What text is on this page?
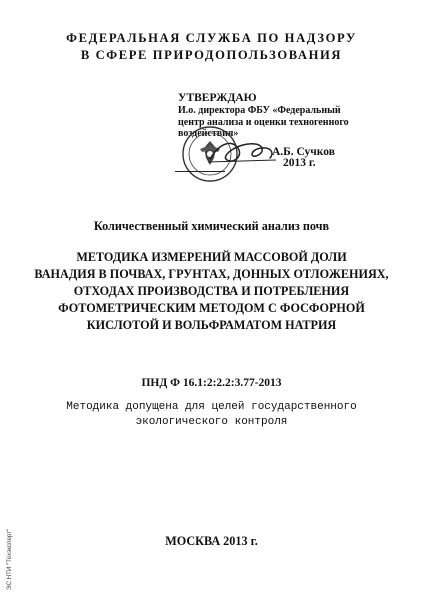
ФЕДЕРАЛЬНАЯ СЛУЖБА ПО НАДЗОРУ
В СФЕРЕ ПРИРОДОПОЛЬЗОВАНИЯ
УТВЕРЖДАЮ
И.о. директора ФБУ «Федеральный
центр анализа и оценки техногенного
воздействия»
А.Б. Сучков
2013 г.
Количественный химический анализ почв
МЕТОДИКА ИЗМЕРЕНИЙ МАССОВОЙ ДОЛИ
ВАНАДИЯ В ПОЧВАХ, ГРУНТАХ, ДОННЫХ ОТЛОЖЕНИЯХ,
ОТХОДАХ ПРОИЗВОДСТВА И ПОТРЕБЛЕНИЯ
ФОТОМЕТРИЧЕСКИМ МЕТОДОМ С ФОСФОРНОЙ
КИСЛОТОЙ И ВОЛЬФРАМАТОМ НАТРИЯ
ПНД Ф 16.1:2:2.2:3.77-2013
Методика допущена для целей государственного
экологического контроля
МОСКВА 2013 г.
ЭС НТИ "Техэксперт"
